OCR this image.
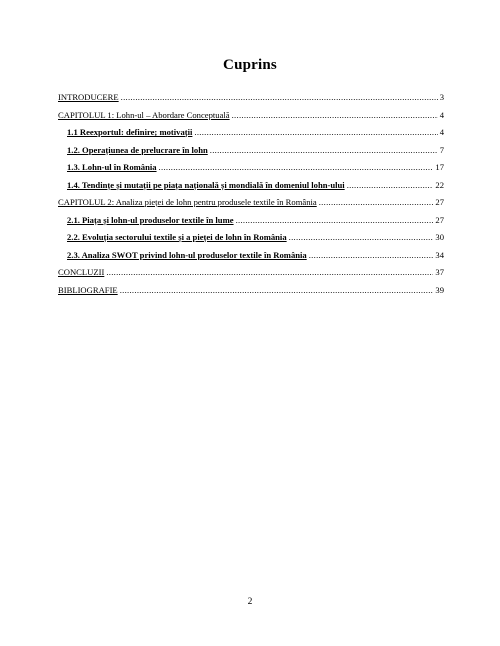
Cuprins
INTRODUCERE .....	3
CAPITOLUL 1: Lohn-ul – Abordare Conceptuală .....	4
1.1 Reexportul: definire; motivații .....	4
1.2. Operațiunea de prelucrare în lohn .....	7
1.3. Lohn-ul în România .....	17
1.4. Tendințe și mutații pe piața națională și mondială în domeniul lohn-ului .....	22
CAPITOLUL 2: Analiza pieței de lohn pentru produsele textile în România .....	27
2.1. Piața și lohn-ul produselor textile în lume .....	27
2.2. Evoluția sectorului textile și a pieței de lohn în România .....	30
2.3. Analiza SWOT privind lohn-ul produselor textile în România .....	34
CONCLUZII .....	37
BIBLIOGRAFIE .....	39
2
